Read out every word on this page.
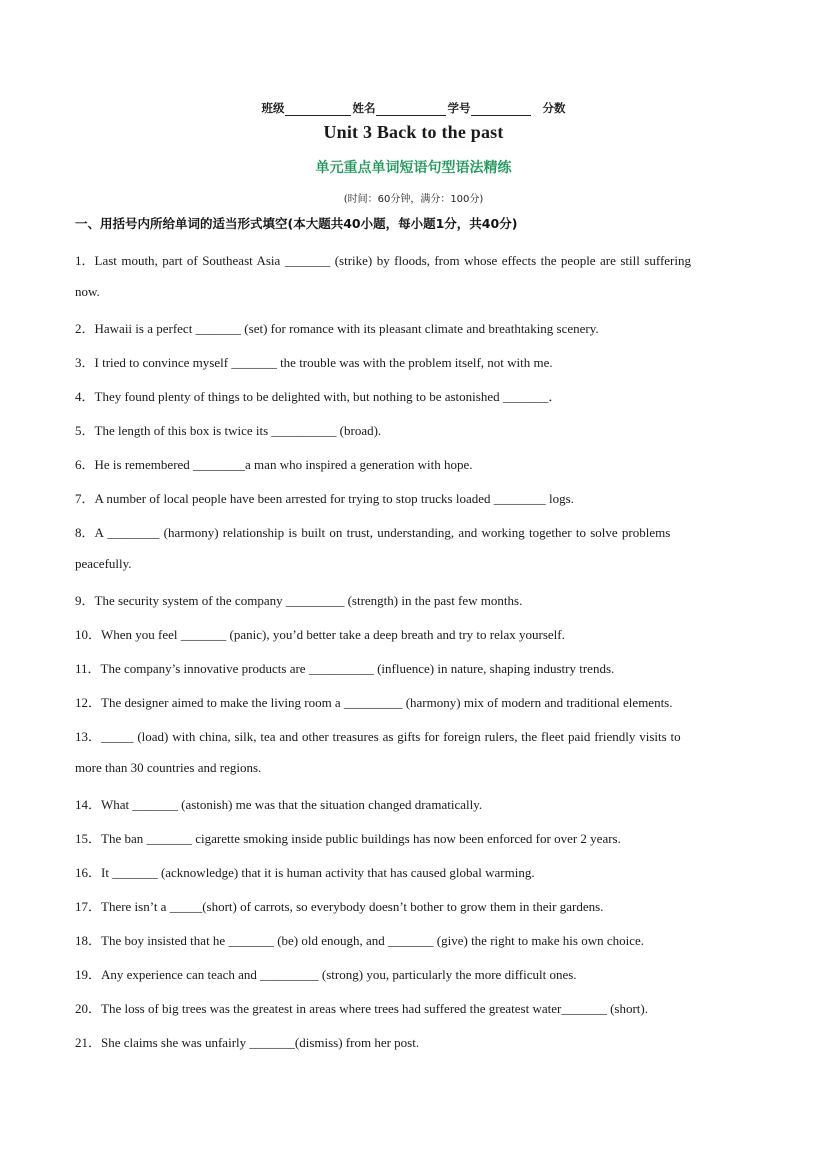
班级	姓名	学号	分数
Unit 3 Back to the past
单元重点单词短语句型语法精练
(时间：60分钟，满分：100分)
一、用括号内所给单词的适当形式填空(本大题共40小题，每小题1分，共40分)
1．Last mouth, part of Southeast Asia _______ (strike) by floods, from whose effects the people are still suffering
now.
2．Hawaii is a perfect _______ (set) for romance with its pleasant climate and breathtaking scenery.
3．I tried to convince myself _______ the trouble was with the problem itself, not with me.
4．They found plenty of things to be delighted with, but nothing to be astonished _______．
5．The length of this box is twice its __________ (broad).
6．He is remembered ________a man who inspired a generation with hope.
7．A number of local people have been arrested for trying to stop trucks loaded ________ logs.
8．A ________ (harmony) relationship is built on trust, understanding, and working together to solve problems
peacefully.
9．The security system of the company _________ (strength) in the past few months.
10．When you feel _______ (panic), you’d better take a deep breath and try to relax yourself.
11．The company’s innovative products are __________ (influence) in nature, shaping industry trends.
12．The designer aimed to make the living room a _________ (harmony) mix of modern and traditional elements.
13．_____ (load) with china, silk, tea and other treasures as gifts for foreign rulers, the fleet paid friendly visits to
more than 30 countries and regions.
14．What _______ (astonish) me was that the situation changed dramatically.
15．The ban _______ cigarette smoking inside public buildings has now been enforced for over 2 years.
16．It _______ (acknowledge) that it is human activity that has caused global warming.
17．There isn’t a _____(short) of carrots, so everybody doesn’t bother to grow them in their gardens.
18．The boy insisted that he _______ (be) old enough, and _______ (give) the right to make his own choice.
19．Any experience can teach and _________ (strong) you, particularly the more difficult ones.
20．The loss of big trees was the greatest in areas where trees had suffered the greatest water_______ (short).
21．She claims she was unfairly _______(dismiss) from her post.
